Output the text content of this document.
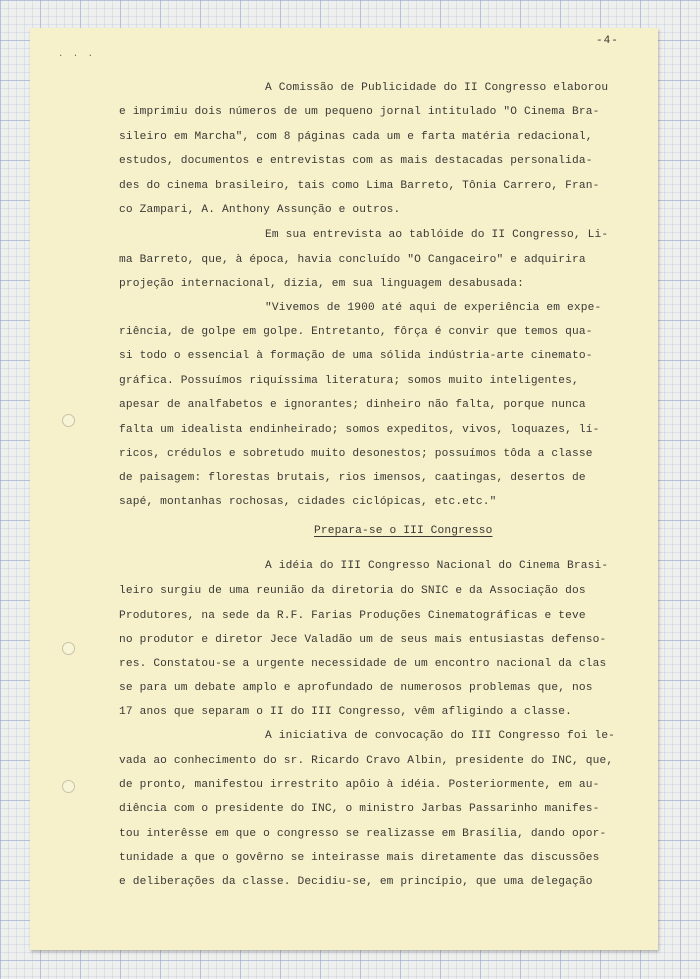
· · ·
-4-
A Comissão de Publicidade do II Congresso elaborou
e imprimiu dois números de um pequeno jornal intitulado "O Cinema Bra-
sileiro em Marcha", com 8 páginas cada um e farta matéria redacional,
estudos, documentos e entrevistas com as mais destacadas personalida-
des do cinema brasileiro, tais como Lima Barreto, Tônia Carrero, Fran-
co Zampari, A. Anthony Assunção e outros.
Em sua entrevista ao tablóide do II Congresso, Li-
ma Barreto, que, à época, havia concluído "O Cangaceiro" e adquirira
projeção internacional, dizia, em sua linguagem desabusada:
"Vivemos de 1900 até aqui de experiência em expe-
riência, de golpe em golpe. Entretanto, fôrça é convir que temos qua-
si todo o essencial à formação de uma sólida indústria-arte cinemato-
gráfica. Possuímos riquíssima literatura; somos muito inteligentes,
apesar de analfabetos e ignorantes; dinheiro não falta, porque nunca
falta um idealista endinheirado; somos expeditos, vivos, loquazes, lí-
ricos, crédulos e sobretudo muito desonestos; possuímos tôda a classe
de paisagem: florestas brutais, rios imensos, caatingas, desertos de
sapé, montanhas rochosas, cidades ciclópicas, etc.etc."
Prepara-se o III Congresso
A idéia do III Congresso Nacional do Cinema Brasi-
leiro surgiu de uma reunião da diretoria do SNIC e da Associação dos
Produtores, na sede da R.F. Farias Produções Cinematográficas e teve
no produtor e diretor Jece Valadão um de seus mais entusiastas defenso-
res. Constatou-se a urgente necessidade de um encontro nacional da clas
se para um debate amplo e aprofundado de numerosos problemas que, nos
17 anos que separam o II do III Congresso, vêm afligindo a classe.
A iniciativa de convocação do III Congresso foi le-
vada ao conhecimento do sr. Ricardo Cravo Albin, presidente do INC, que,
de pronto, manifestou irrestrito apôio à idéia. Posteriormente, em au-
diência com o presidente do INC, o ministro Jarbas Passarinho manifes-
tou interêsse em que o congresso se realizasse em Brasília, dando opor-
tunidade a que o govêrno se inteirasse mais diretamente das discussões
e deliberações da classe. Decidiu-se, em princípio, que uma delegação
